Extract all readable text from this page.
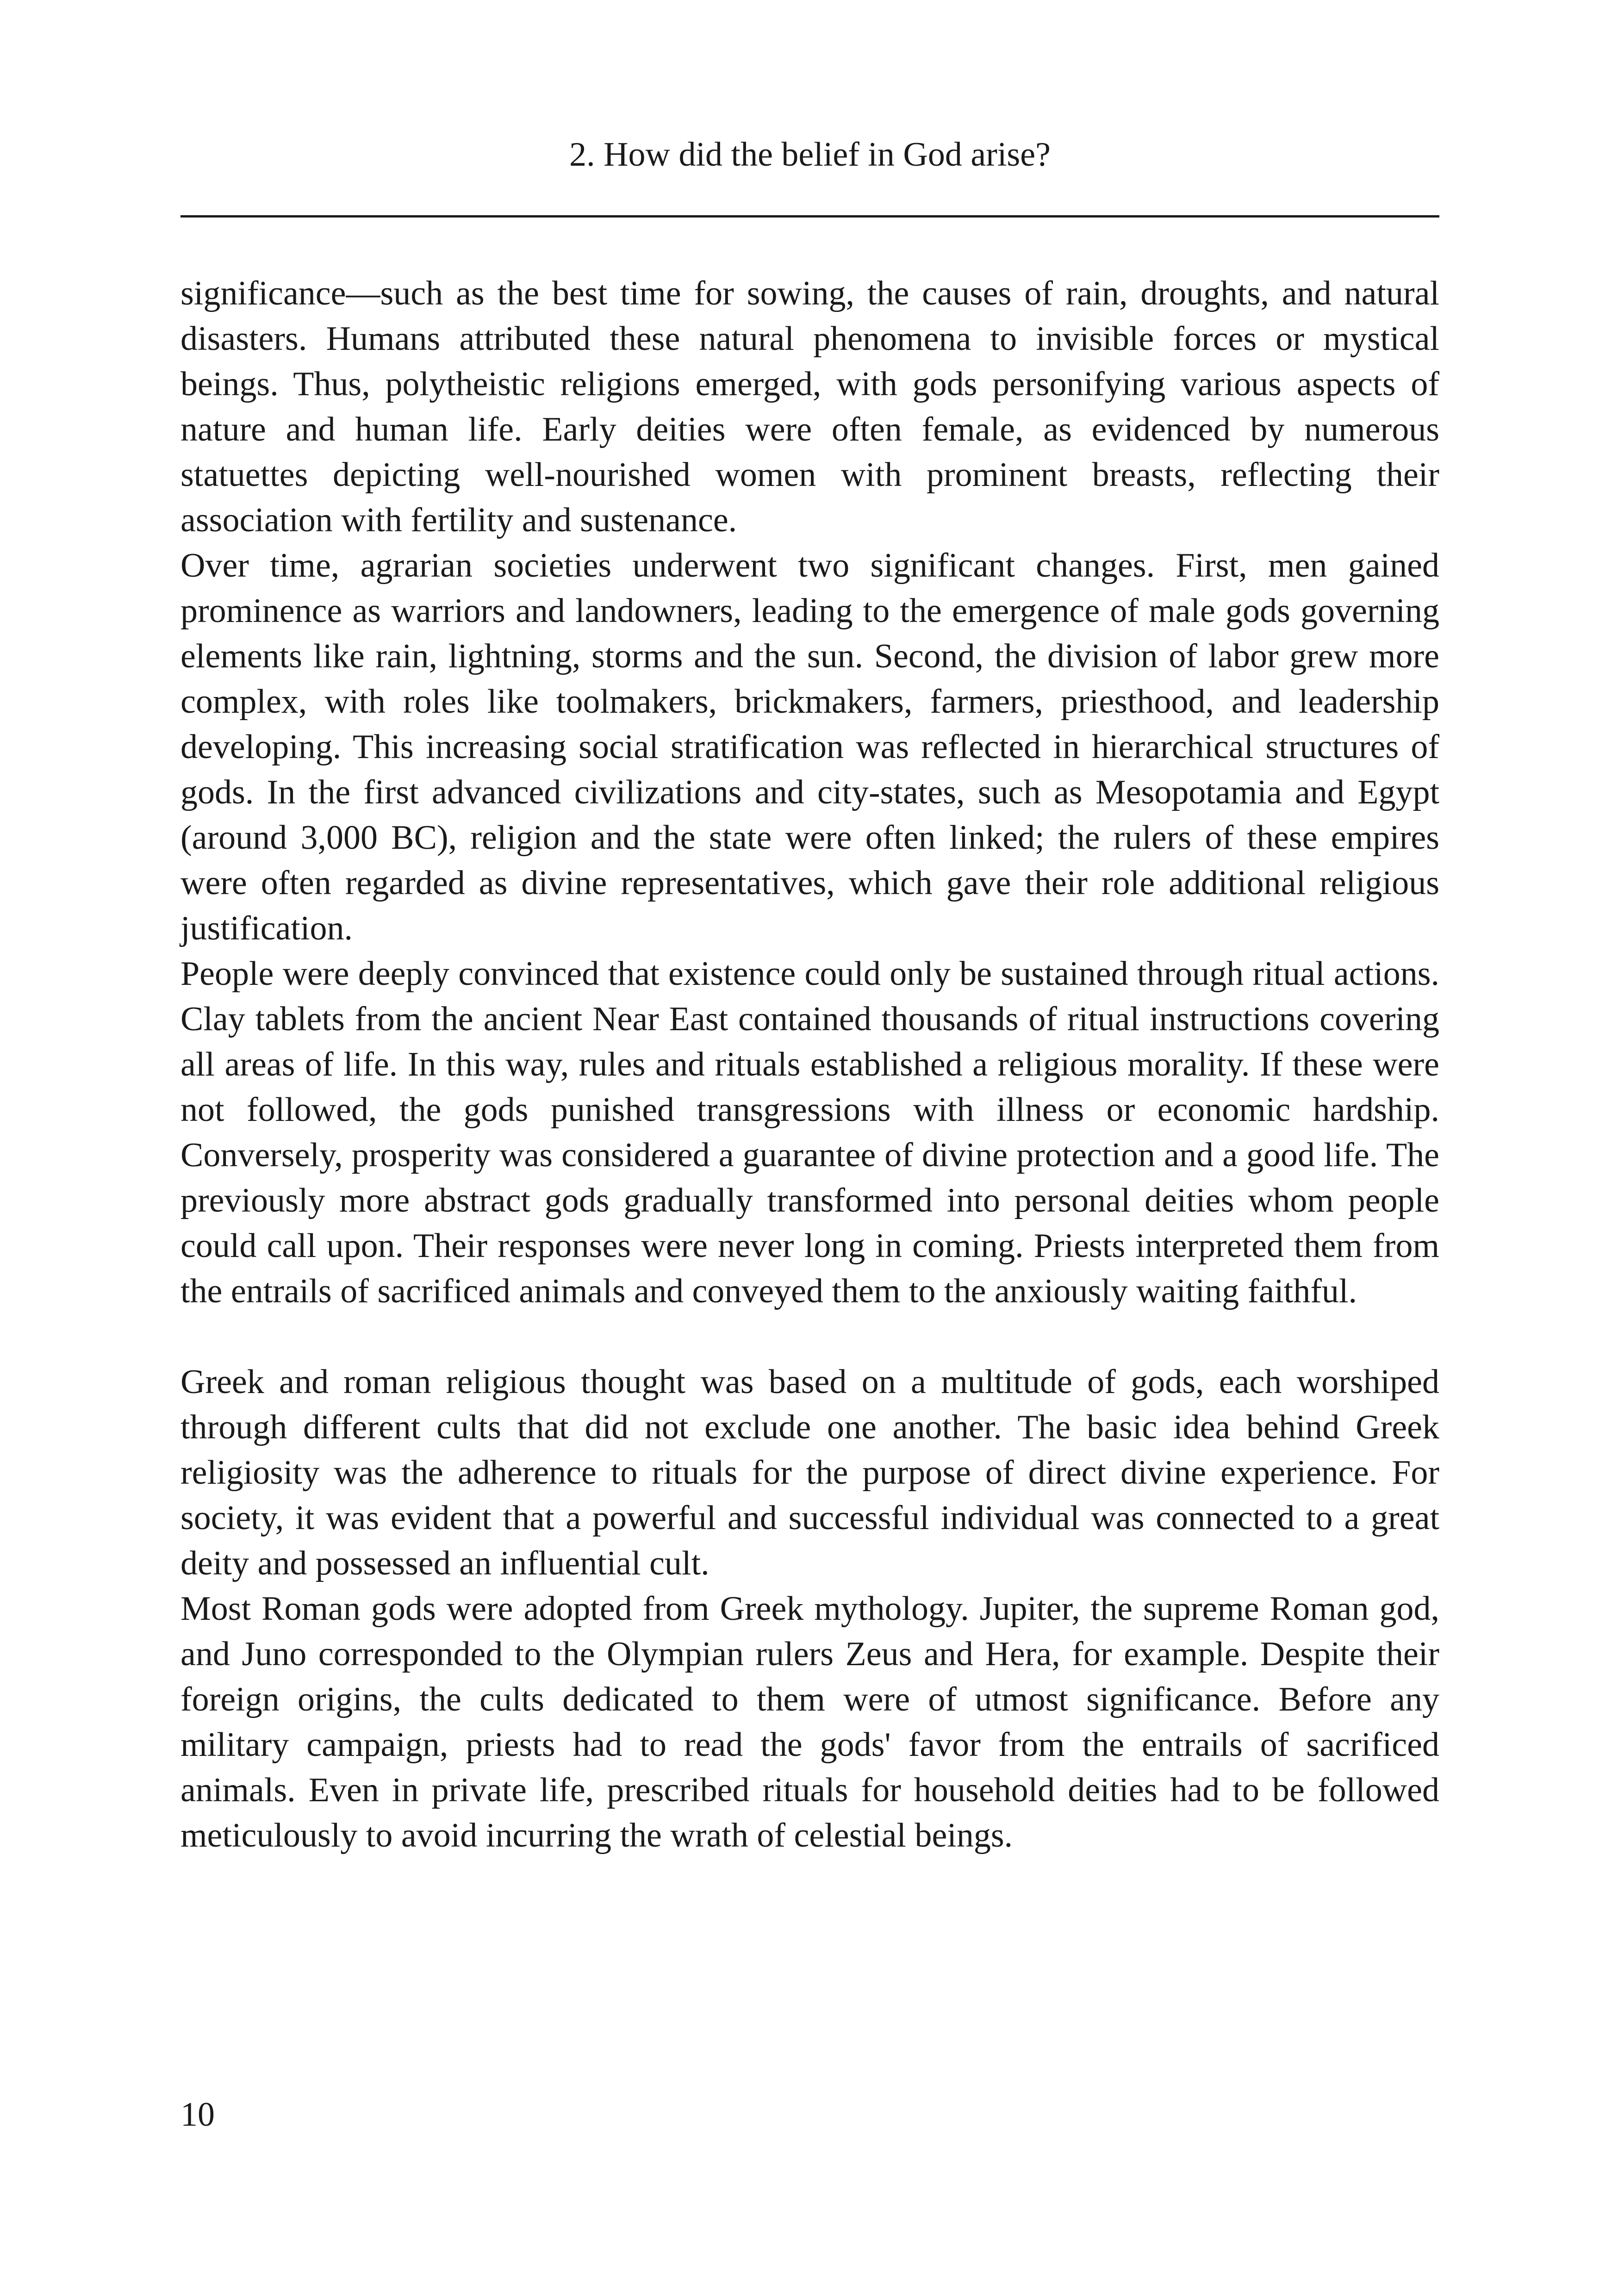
2. How did the belief in God arise?

significance—such as the best time for sowing, the causes of rain, droughts, and natural disasters. Humans attributed these natural phenomena to invisible forces or mystical beings. Thus, polytheistic religions emerged, with gods personifying various aspects of nature and human life. Early deities were often female, as evidenced by numerous statuettes depicting well-nourished women with prominent breasts, reflecting their association with fertility and sustenance.

Over time, agrarian societies underwent two significant changes. First, men gained prominence as warriors and landowners, leading to the emergence of male gods governing elements like rain, lightning, storms and the sun. Second, the division of labor grew more complex, with roles like toolmakers, brickmakers, farmers, priesthood, and leadership developing. This increasing social stratification was reflected in hierarchical structures of gods. In the first advanced civilizations and city-states, such as Mesopotamia and Egypt (around 3,000 BC), religion and the state were often linked; the rulers of these empires were often regarded as divine representatives, which gave their role additional religious justification.

People were deeply convinced that existence could only be sustained through ritual actions. Clay tablets from the ancient Near East contained thousands of ritual instructions covering all areas of life. In this way, rules and rituals established a religious morality. If these were not followed, the gods punished transgressions with illness or economic hardship. Conversely, prosperity was considered a guarantee of divine protection and a good life. The previously more abstract gods gradually transformed into personal deities whom people could call upon. Their responses were never long in coming. Priests interpreted them from the entrails of sacrificed animals and conveyed them to the anxiously waiting faithful.

Greek and roman religious thought was based on a multitude of gods, each worshiped through different cults that did not exclude one another. The basic idea behind Greek religiosity was the adherence to rituals for the purpose of direct divine experience. For society, it was evident that a powerful and successful individual was connected to a great deity and possessed an influential cult.

Most Roman gods were adopted from Greek mythology. Jupiter, the supreme Roman god, and Juno corresponded to the Olympian rulers Zeus and Hera, for example. Despite their foreign origins, the cults dedicated to them were of utmost significance. Before any military campaign, priests had to read the gods' favor from the entrails of sacrificed animals. Even in private life, prescribed rituals for household deities had to be followed meticulously to avoid incurring the wrath of celestial beings.

10
